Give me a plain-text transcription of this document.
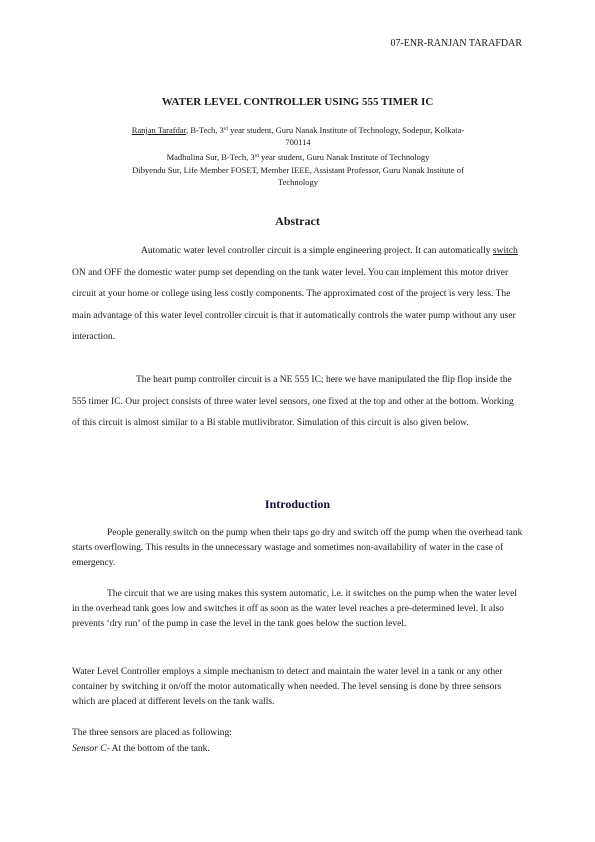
07-ENR-RANJAN TARAFDAR
WATER LEVEL CONTROLLER USING 555 TIMER IC
Ranjan Tarafdar, B-Tech, 3rd year student, Guru Nanak Institute of Technology, Sodepur, Kolkata-
700114
Madhulina Sur, B-Tech, 3rd year student, Guru Nanak Institute of Technology
Dibyendu Sur, Life Member FOSET, Member IEEE, Assistant Professor, Guru Nanak Institute of
Technology
Abstract
Automatic water level controller circuit is a simple engineering project. It can automatically switch ON and OFF the domestic water pump set depending on the tank water level. You can implement this motor driver circuit at your home or college using less costly components. The approximated cost of the project is very less. The main advantage of this water level controller circuit is that it automatically controls the water pump without any user interaction.
The heart pump controller circuit is a NE 555 IC; here we have manipulated the flip flop inside the 555 timer IC. Our project consists of three water level sensors, one fixed at the top and other at the bottom. Working of this circuit is almost similar to a Bi stable mutlivibrator. Simulation of this circuit is also given below.
Introduction
People generally switch on the pump when their taps go dry and switch off the pump when the overhead tank starts overflowing. This results in the unnecessary wastage and sometimes non-availability of water in the case of emergency.
The circuit that we are using makes this system automatic, i.e. it switches on the pump when the water level in the overhead tank goes low and switches it off as soon as the water level reaches a pre-determined level. It also prevents ‘dry run’ of the pump in case the level in the tank goes below the suction level.
Water Level Controller employs a simple mechanism to detect and maintain the water level in a tank or any other container by switching it on/off the motor automatically when needed. The level sensing is done by three sensors which are placed at different levels on the tank walls.
The three sensors are placed as following:
Sensor C- At the bottom of the tank.
